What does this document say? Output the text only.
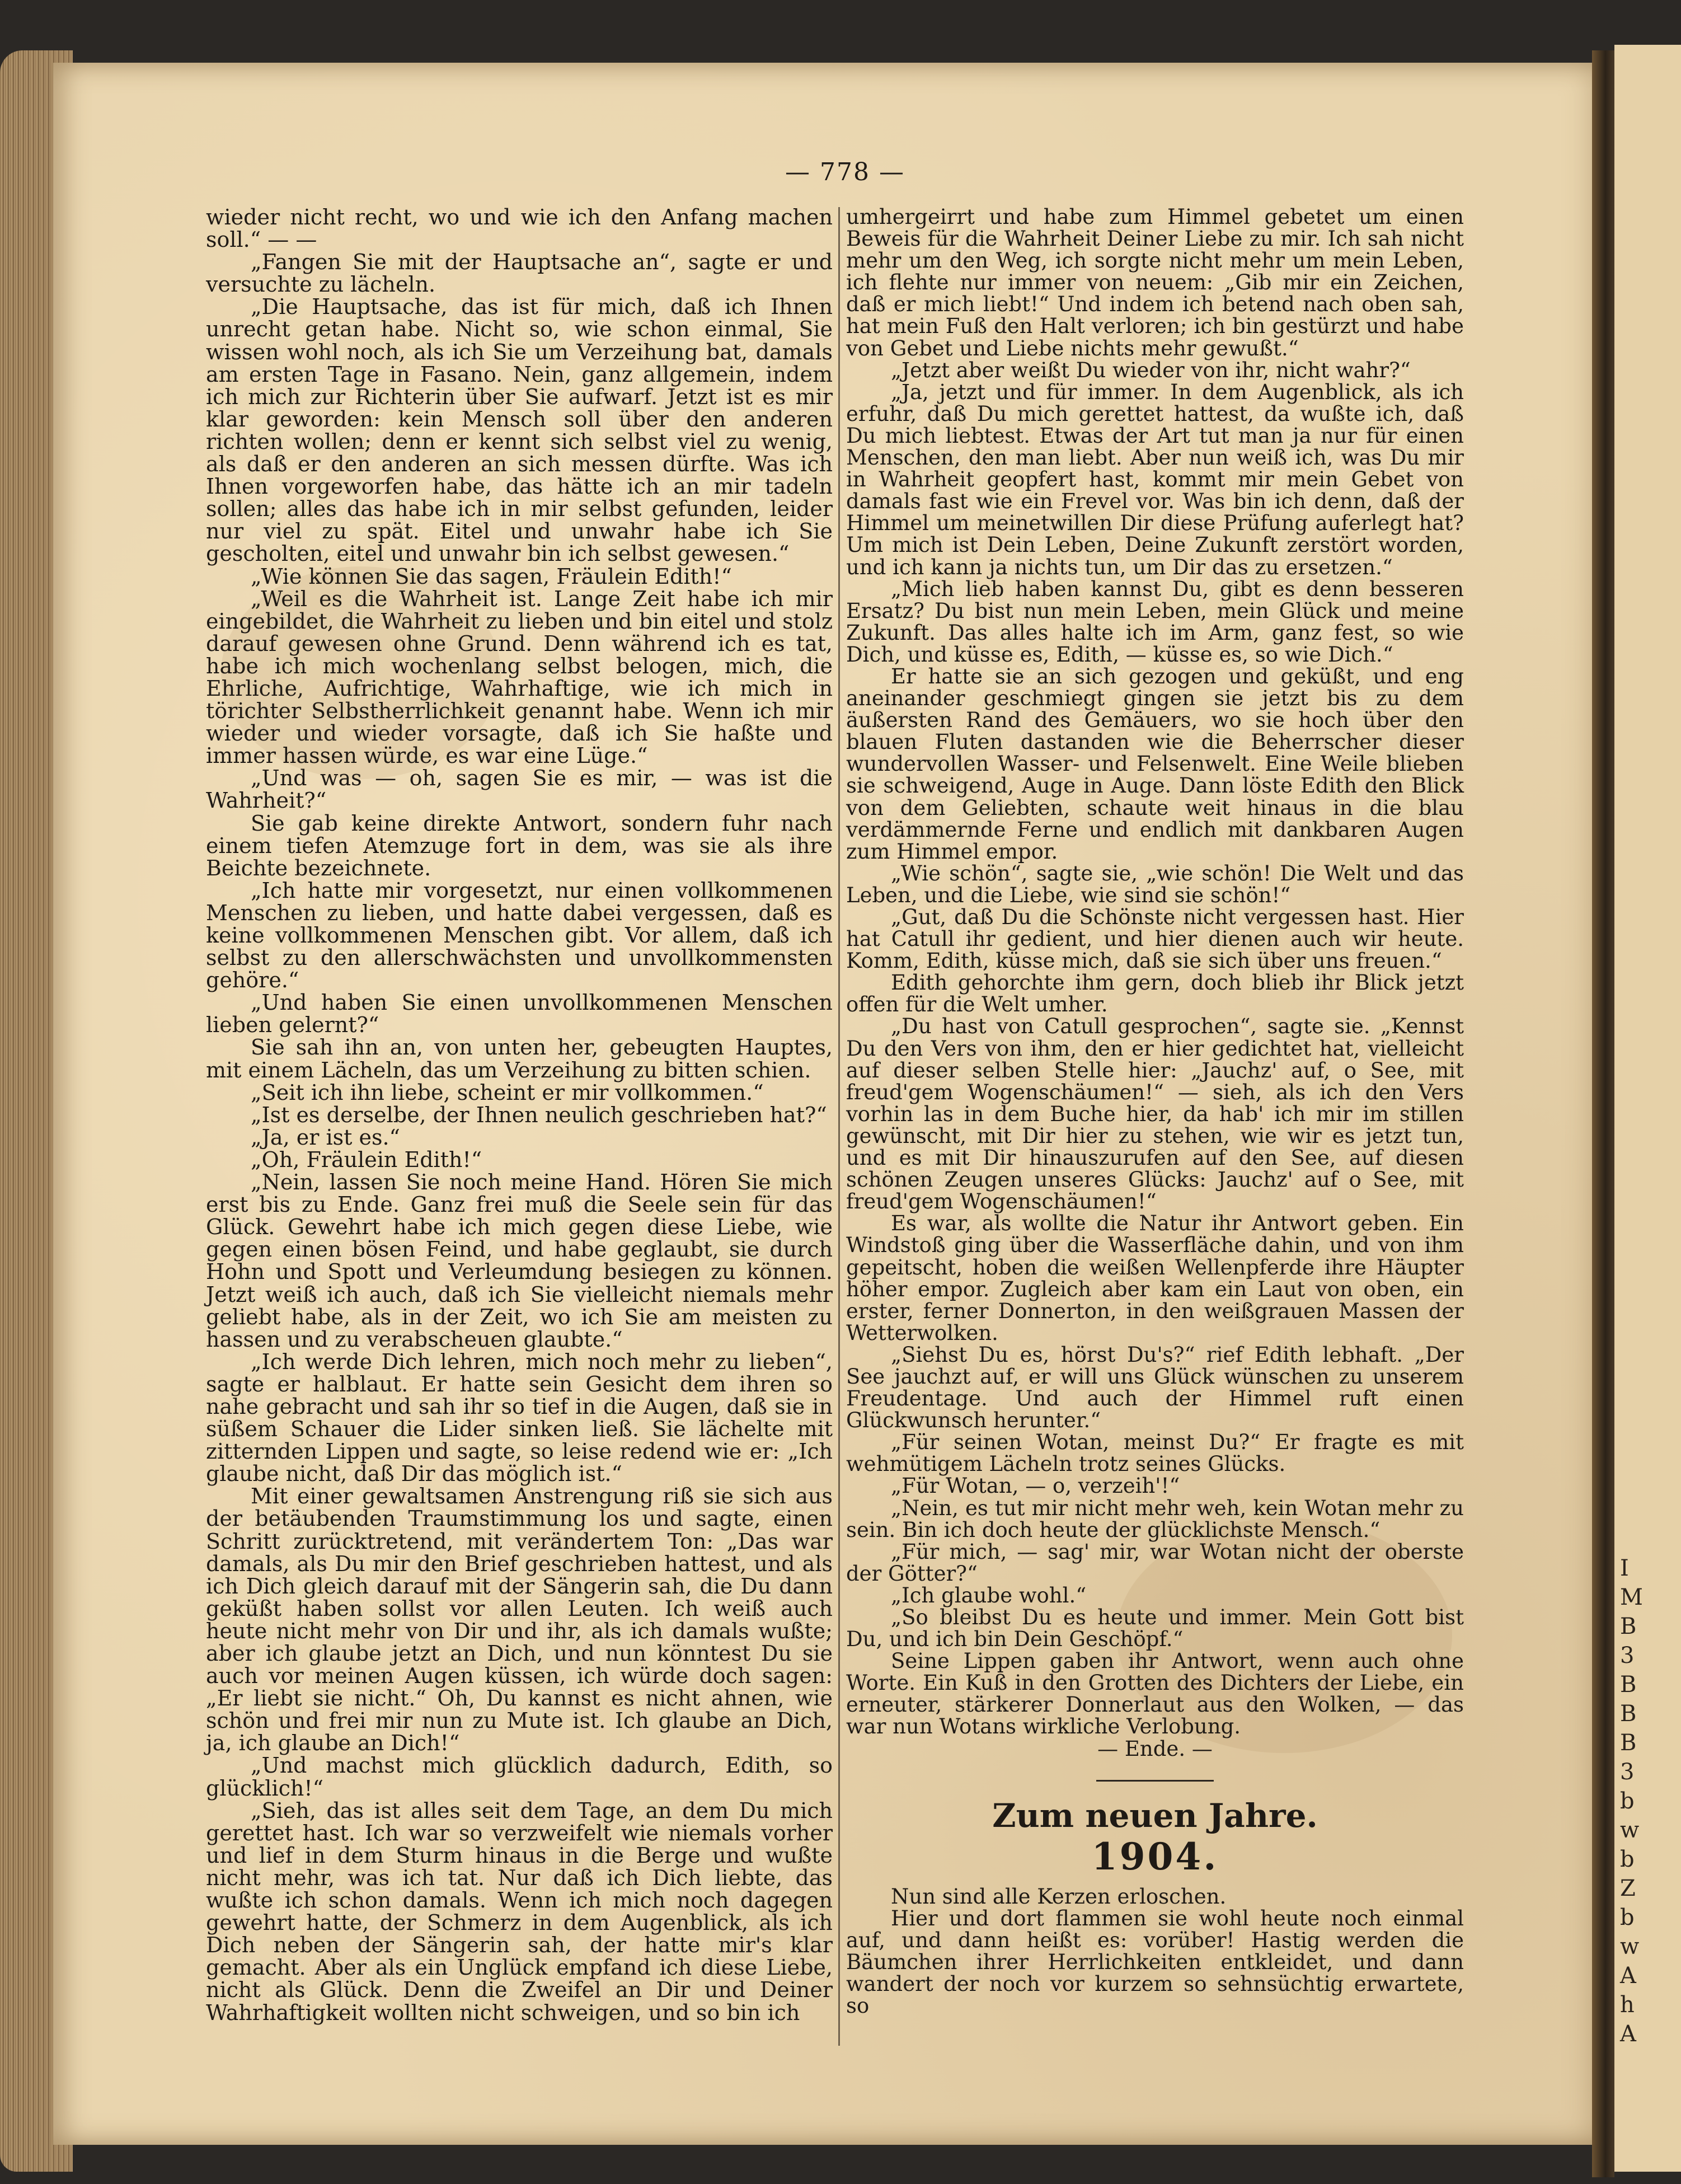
I
M
B
3
B
B
B
3
b
w
b
Z
b
w
A
h
A
— 778 —

wieder nicht recht, wo und wie ich den Anfang machen soll.“ — —

„Fangen Sie mit der Hauptsache an“, sagte er und versuchte zu lächeln.

„Die Hauptsache, das ist für mich, daß ich Ihnen unrecht getan habe. Nicht so, wie schon einmal, Sie wissen wohl noch, als ich Sie um Verzeihung bat, damals am ersten Tage in Fasano. Nein, ganz allgemein, indem ich mich zur Richterin über Sie aufwarf. Jetzt ist es mir klar geworden: kein Mensch soll über den anderen richten wollen; denn er kennt sich selbst viel zu wenig, als daß er den anderen an sich messen dürfte. Was ich Ihnen vorgeworfen habe, das hätte ich an mir tadeln sollen; alles das habe ich in mir selbst gefunden, leider nur viel zu spät. Eitel und unwahr habe ich Sie gescholten, eitel und unwahr bin ich selbst gewesen.“

„Wie können Sie das sagen, Fräulein Edith!“

„Weil es die Wahrheit ist. Lange Zeit habe ich mir eingebildet, die Wahrheit zu lieben und bin eitel und stolz darauf gewesen ohne Grund. Denn während ich es tat, habe ich mich wochenlang selbst belogen, mich, die Ehrliche, Aufrichtige, Wahrhaftige, wie ich mich in törichter Selbstherrlichkeit genannt habe. Wenn ich mir wieder und wieder vorsagte, daß ich Sie haßte und immer hassen würde, es war eine Lüge.“

„Und was — oh, sagen Sie es mir, — was ist die Wahrheit?“

Sie gab keine direkte Antwort, sondern fuhr nach einem tiefen Atemzuge fort in dem, was sie als ihre Beichte bezeichnete.

„Ich hatte mir vorgesetzt, nur einen vollkommenen Menschen zu lieben, und hatte dabei vergessen, daß es keine vollkommenen Menschen gibt. Vor allem, daß ich selbst zu den allerschwächsten und unvollkommensten gehöre.“

„Und haben Sie einen unvollkommenen Menschen lieben gelernt?“

Sie sah ihn an, von unten her, gebeugten Hauptes, mit einem Lächeln, das um Verzeihung zu bitten schien.

„Seit ich ihn liebe, scheint er mir vollkommen.“

„Ist es derselbe, der Ihnen neulich geschrieben hat?“

„Ja, er ist es.“

„Oh, Fräulein Edith!“

„Nein, lassen Sie noch meine Hand. Hören Sie mich erst bis zu Ende. Ganz frei muß die Seele sein für das Glück. Gewehrt habe ich mich gegen diese Liebe, wie gegen einen bösen Feind, und habe geglaubt, sie durch Hohn und Spott und Verleumdung besiegen zu können. Jetzt weiß ich auch, daß ich Sie vielleicht niemals mehr geliebt habe, als in der Zeit, wo ich Sie am meisten zu hassen und zu verabscheuen glaubte.“

„Ich werde Dich lehren, mich noch mehr zu lieben“, sagte er halblaut. Er hatte sein Gesicht dem ihren so nahe gebracht und sah ihr so tief in die Augen, daß sie in süßem Schauer die Lider sinken ließ. Sie lächelte mit zitternden Lippen und sagte, so leise redend wie er: „Ich glaube nicht, daß Dir das möglich ist.“

Mit einer gewaltsamen Anstrengung riß sie sich aus der betäubenden Traumstimmung los und sagte, einen Schritt zurücktretend, mit verändertem Ton: „Das war damals, als Du mir den Brief geschrieben hattest, und als ich Dich gleich darauf mit der Sängerin sah, die Du dann geküßt haben sollst vor allen Leuten. Ich weiß auch heute nicht mehr von Dir und ihr, als ich damals wußte; aber ich glaube jetzt an Dich, und nun könntest Du sie auch vor meinen Augen küssen, ich würde doch sagen: „Er liebt sie nicht.“ Oh, Du kannst es nicht ahnen, wie schön und frei mir nun zu Mute ist. Ich glaube an Dich, ja, ich glaube an Dich!“

„Und machst mich glücklich dadurch, Edith, so glücklich!“

„Sieh, das ist alles seit dem Tage, an dem Du mich gerettet hast. Ich war so verzweifelt wie niemals vorher und lief in dem Sturm hinaus in die Berge und wußte nicht mehr, was ich tat. Nur daß ich Dich liebte, das wußte ich schon damals. Wenn ich mich noch dagegen gewehrt hatte, der Schmerz in dem Augenblick, als ich Dich neben der Sängerin sah, der hatte mir's klar gemacht. Aber als ein Unglück empfand ich diese Liebe, nicht als Glück. Denn die Zweifel an Dir und Deiner Wahrhaftigkeit wollten nicht schweigen, und so bin ich

umhergeirrt und habe zum Himmel gebetet um einen Beweis für die Wahrheit Deiner Liebe zu mir. Ich sah nicht mehr um den Weg, ich sorgte nicht mehr um mein Leben, ich flehte nur immer von neuem: „Gib mir ein Zeichen, daß er mich liebt!“ Und indem ich betend nach oben sah, hat mein Fuß den Halt verloren; ich bin gestürzt und habe von Gebet und Liebe nichts mehr gewußt.“

„Jetzt aber weißt Du wieder von ihr, nicht wahr?“

„Ja, jetzt und für immer. In dem Augenblick, als ich erfuhr, daß Du mich gerettet hattest, da wußte ich, daß Du mich liebtest. Etwas der Art tut man ja nur für einen Menschen, den man liebt. Aber nun weiß ich, was Du mir in Wahrheit geopfert hast, kommt mir mein Gebet von damals fast wie ein Frevel vor. Was bin ich denn, daß der Himmel um meinetwillen Dir diese Prüfung auferlegt hat? Um mich ist Dein Leben, Deine Zukunft zerstört worden, und ich kann ja nichts tun, um Dir das zu ersetzen.“

„Mich lieb haben kannst Du, gibt es denn besseren Ersatz? Du bist nun mein Leben, mein Glück und meine Zukunft. Das alles halte ich im Arm, ganz fest, so wie Dich, und küsse es, Edith, — küsse es, so wie Dich.“

Er hatte sie an sich gezogen und geküßt, und eng aneinander geschmiegt gingen sie jetzt bis zu dem äußersten Rand des Gemäuers, wo sie hoch über den blauen Fluten dastanden wie die Beherrscher dieser wundervollen Wasser- und Felsenwelt. Eine Weile blieben sie schweigend, Auge in Auge. Dann löste Edith den Blick von dem Geliebten, schaute weit hinaus in die blau verdämmernde Ferne und endlich mit dankbaren Augen zum Himmel empor.

„Wie schön“, sagte sie, „wie schön! Die Welt und das Leben, und die Liebe, wie sind sie schön!“

„Gut, daß Du die Schönste nicht vergessen hast. Hier hat Catull ihr gedient, und hier dienen auch wir heute. Komm, Edith, küsse mich, daß sie sich über uns freuen.“

Edith gehorchte ihm gern, doch blieb ihr Blick jetzt offen für die Welt umher.

„Du hast von Catull gesprochen“, sagte sie. „Kennst Du den Vers von ihm, den er hier gedichtet hat, vielleicht auf dieser selben Stelle hier: „Jauchz' auf, o See, mit freud'gem Wogenschäumen!“ — sieh, als ich den Vers vorhin las in dem Buche hier, da hab' ich mir im stillen gewünscht, mit Dir hier zu stehen, wie wir es jetzt tun, und es mit Dir hinauszurufen auf den See, auf diesen schönen Zeugen unseres Glücks: Jauchz' auf o See, mit freud'gem Wogenschäumen!“

Es war, als wollte die Natur ihr Antwort geben. Ein Windstoß ging über die Wasserfläche dahin, und von ihm gepeitscht, hoben die weißen Wellenpferde ihre Häupter höher empor. Zugleich aber kam ein Laut von oben, ein erster, ferner Donnerton, in den weißgrauen Massen der Wetterwolken.

„Siehst Du es, hörst Du's?“ rief Edith lebhaft. „Der See jauchzt auf, er will uns Glück wünschen zu unserem Freudentage. Und auch der Himmel ruft einen Glückwunsch herunter.“

„Für seinen Wotan, meinst Du?“ Er fragte es mit wehmütigem Lächeln trotz seines Glücks.

„Für Wotan, — o, verzeih'!“

„Nein, es tut mir nicht mehr weh, kein Wotan mehr zu sein. Bin ich doch heute der glücklichste Mensch.“

„Für mich, — sag' mir, war Wotan nicht der oberste der Götter?“

„Ich glaube wohl.“

„So bleibst Du es heute und immer. Mein Gott bist Du, und ich bin Dein Geschöpf.“

Seine Lippen gaben ihr Antwort, wenn auch ohne Worte. Ein Kuß in den Grotten des Dichters der Liebe, ein erneuter, stärkerer Donnerlaut aus den Wolken, — das war nun Wotans wirkliche Verlobung.

— Ende. —

Zum neuen Jahre.
1904.

Nun sind alle Kerzen erloschen.

Hier und dort flammen sie wohl heute noch einmal auf, und dann heißt es: vorüber! Hastig werden die Bäumchen ihrer Herrlichkeiten entkleidet, und dann wandert der noch vor kurzem so sehnsüchtig erwartete, so
